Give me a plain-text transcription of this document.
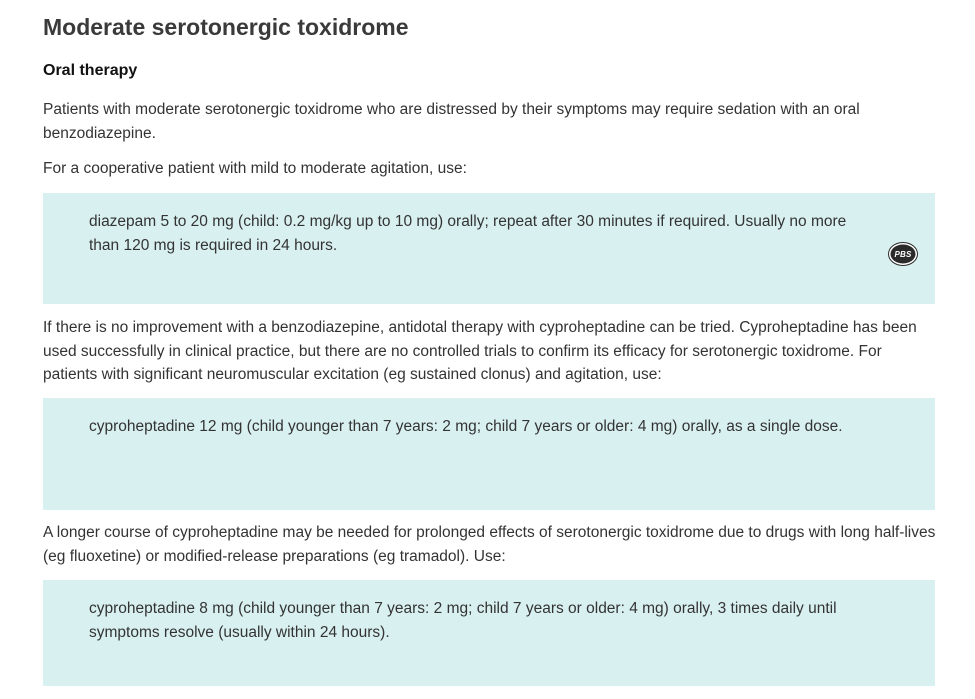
Moderate serotonergic toxidrome
Oral therapy

Patients with moderate serotonergic toxidrome who are distressed by their symptoms may require sedation with an oral benzodiazepine.

For a cooperative patient with mild to moderate agitation, use:

diazepam 5 to 20 mg (child: 0.2 mg/kg up to 10 mg) orally; repeat after 30 minutes if required. Usually no more than 120 mg is required in 24 hours.

PBS

If there is no improvement with a benzodiazepine, antidotal therapy with cyproheptadine can be tried. Cyproheptadine has been used successfully in clinical practice, but there are no controlled trials to confirm its efficacy for serotonergic toxidrome. For patients with significant neuromuscular excitation (eg sustained clonus) and agitation, use:

cyproheptadine 12 mg (child younger than 7 years: 2 mg; child 7 years or older: 4 mg) orally, as a single dose.

A longer course of cyproheptadine may be needed for prolonged effects of serotonergic toxidrome due to drugs with long half-lives (eg fluoxetine) or modified-release preparations (eg tramadol). Use:

cyproheptadine 8 mg (child younger than 7 years: 2 mg; child 7 years or older: 4 mg) orally, 3 times daily until symptoms resolve (usually within 24 hours).
